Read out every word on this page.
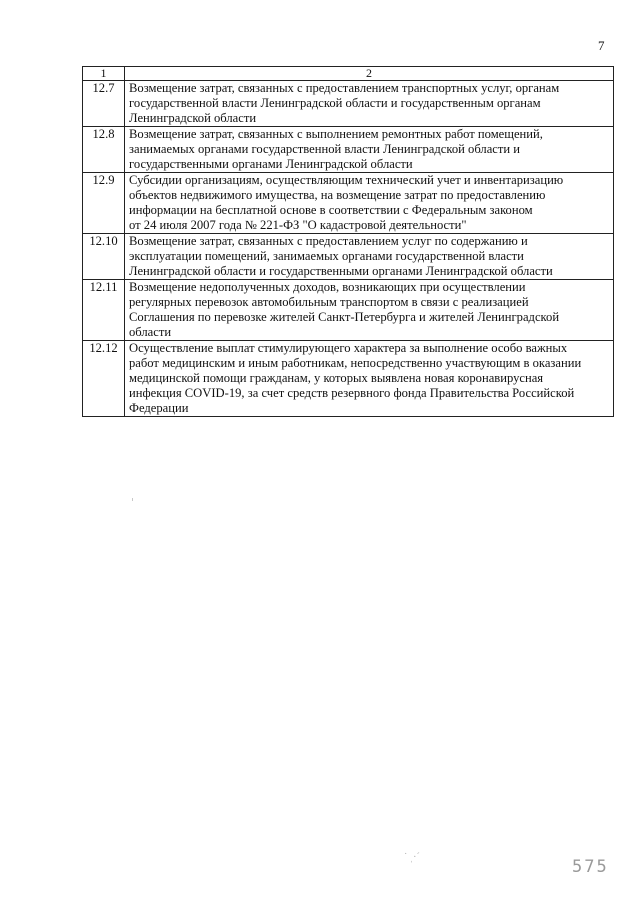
7
1	2
12.7	Возмещение затрат, связанных с предоставлением транспортных услуг, органам
государственной власти Ленинградской области и государственным органам
Ленинградской области

12.8	Возмещение затрат, связанных с выполнением ремонтных работ помещений,
занимаемых органами государственной власти Ленинградской области и
государственными органами Ленинградской области

12.9	Субсидии организациям, осуществляющим технический учет и инвентаризацию
объектов недвижимого имущества, на возмещение затрат по предоставлению
информации на бесплатной основе в соответствии с Федеральным законом
от 24 июля 2007 года № 221-ФЗ "О кадастровой деятельности"

12.10	Возмещение затрат, связанных с предоставлением услуг по содержанию и
эксплуатации помещений, занимаемых органами государственной власти
Ленинградской области и государственными органами Ленинградской области

12.11	Возмещение недополученных доходов, возникающих при осуществлении
регулярных перевозок автомобильным транспортом в связи с реализацией
Соглашения по перевозке жителей Санкт-Петербурга и жителей Ленинградской
области

12.12	Осуществление выплат стимулирующего характера за выполнение особо важных
работ медицинским и иным работникам, непосредственно участвующим в оказании
медицинской помощи гражданам, у которых выявлена новая коронавирусная
инфекция COVID-19, за счет средств резервного фонда Правительства Российской
Федерации
˙ ˌ·´	575
